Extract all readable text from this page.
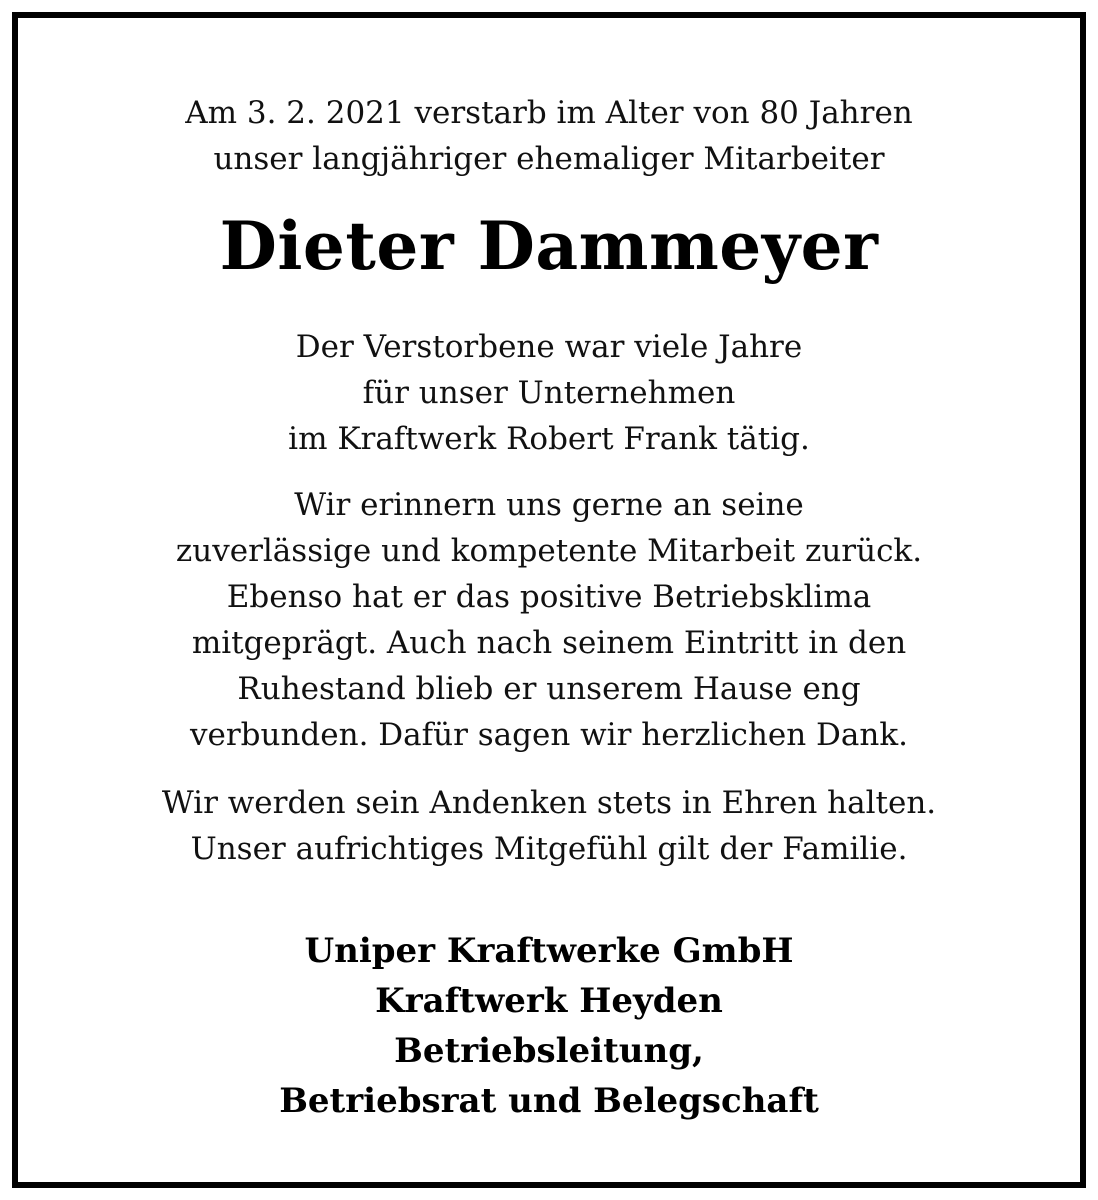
Am 3. 2. 2021 verstarb im Alter von 80 Jahren
unser langjähriger ehemaliger Mitarbeiter

Dieter Dammeyer

Der Verstorbene war viele Jahre
für unser Unternehmen
im Kraftwerk Robert Frank tätig.

Wir erinnern uns gerne an seine
zuverlässige und kompetente Mitarbeit zurück.
Ebenso hat er das positive Betriebsklima
mitgeprägt. Auch nach seinem Eintritt in den
Ruhestand blieb er unserem Hause eng
verbunden. Dafür sagen wir herzlichen Dank.

Wir werden sein Andenken stets in Ehren halten.
Unser aufrichtiges Mitgefühl gilt der Familie.

Uniper Kraftwerke GmbH
Kraftwerk Heyden
Betriebsleitung,
Betriebsrat und Belegschaft
